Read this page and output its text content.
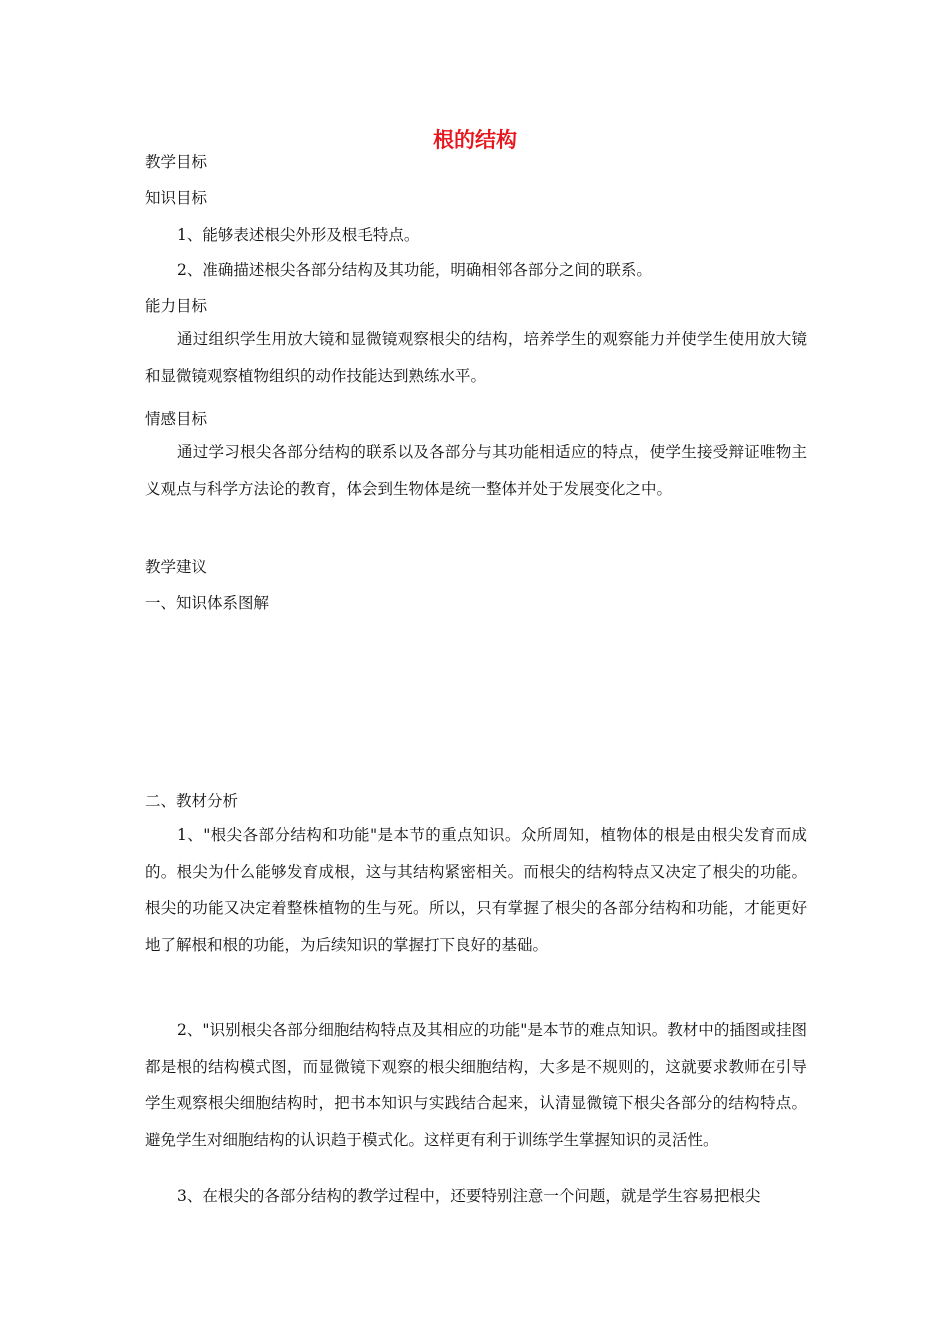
根的结构
教学目标
知识目标
1、能够表述根尖外形及根毛特点。
2、准确描述根尖各部分结构及其功能，明确相邻各部分之间的联系。
能力目标
通过组织学生用放大镜和显微镜观察根尖的结构，培养学生的观察能力并使学生使用放大镜和显微镜观察植物组织的动作技能达到熟练水平。
情感目标
通过学习根尖各部分结构的联系以及各部分与其功能相适应的特点，使学生接受辩证唯物主义观点与科学方法论的教育，体会到生物体是统一整体并处于发展变化之中。
教学建议
一、知识体系图解
二、教材分析
1、"根尖各部分结构和功能"是本节的重点知识。众所周知，植物体的根是由根尖发育而成的。根尖为什么能够发育成根，这与其结构紧密相关。而根尖的结构特点又决定了根尖的功能。根尖的功能又决定着整株植物的生与死。所以，只有掌握了根尖的各部分结构和功能，才能更好地了解根和根的功能，为后续知识的掌握打下良好的基础。
2、"识别根尖各部分细胞结构特点及其相应的功能"是本节的难点知识。教材中的插图或挂图都是根的结构模式图，而显微镜下观察的根尖细胞结构，大多是不规则的，这就要求教师在引导学生观察根尖细胞结构时，把书本知识与实践结合起来，认清显微镜下根尖各部分的结构特点。避免学生对细胞结构的认识趋于模式化。这样更有利于训练学生掌握知识的灵活性。
3、在根尖的各部分结构的教学过程中，还要特别注意一个问题，就是学生容易把根尖
